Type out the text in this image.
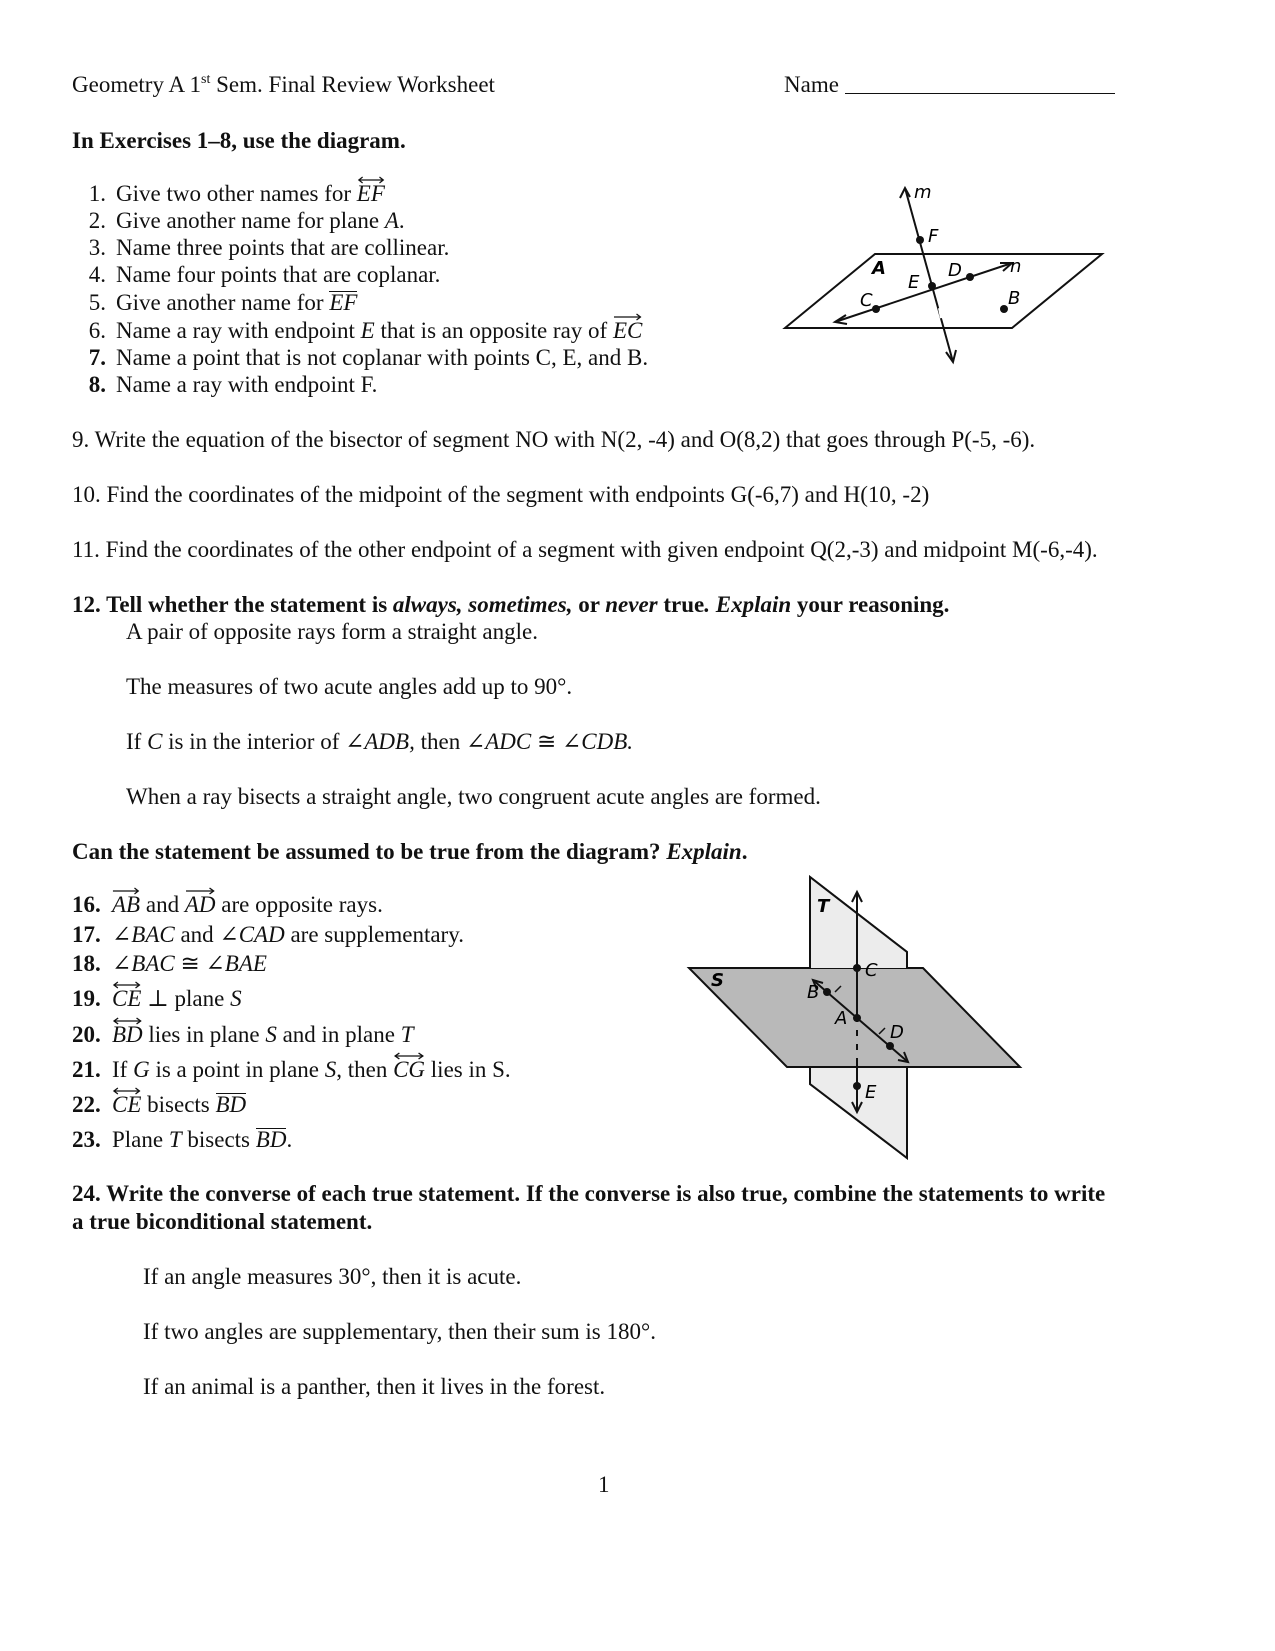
Geometry A 1st Sem. Final Review Worksheet	Name
In Exercises 1–8, use the diagram.
1. Give two other names for EF
2. Give another name for plane A.
3. Name three points that are collinear.
4. Name four points that are coplanar.
5. Give another name for EF
6. Name a ray with endpoint E that is an opposite ray of EC
7. Name a point that is not coplanar with points C, E, and B.
8. Name a ray with endpoint F.
m
F
A
E
D	n
C	B
9. Write the equation of the bisector of segment NO with N(2, -4) and O(8,2) that goes through P(-5, -6).
10. Find the coordinates of the midpoint of the segment with endpoints G(-6,7) and H(10, -2)
11. Find the coordinates of the other endpoint of a segment with given endpoint Q(2,-3) and midpoint M(-6,-4).
12. Tell whether the statement is always, sometimes, or never true. Explain your reasoning.
A pair of opposite rays form a straight angle.
The measures of two acute angles add up to 90°.
If C is in the interior of ∠ADB, then ∠ADC ≅ ∠CDB.
When a ray bisects a straight angle, two congruent acute angles are formed.
Can the statement be assumed to be true from the diagram? Explain.
16. AB
and AD
are opposite rays.
17. ∠BAC and ∠CAD are supplementary.
18. ∠BAC ≅ ∠BAE
19. CE
⊥ plane S
20. BD
lies in plane S and in plane T
21. If G is a point in plane S, then CG
lies in S.
22. CE
bisects BD
23. Plane T bisects BD.
T
S	C
B
A
D
E
24. Write the converse of each true statement. If the converse is also true, combine the statements to write
a true biconditional statement.
If an angle measures 30°, then it is acute.
If two angles are supplementary, then their sum is 180°.
If an animal is a panther, then it lives in the forest.
1
